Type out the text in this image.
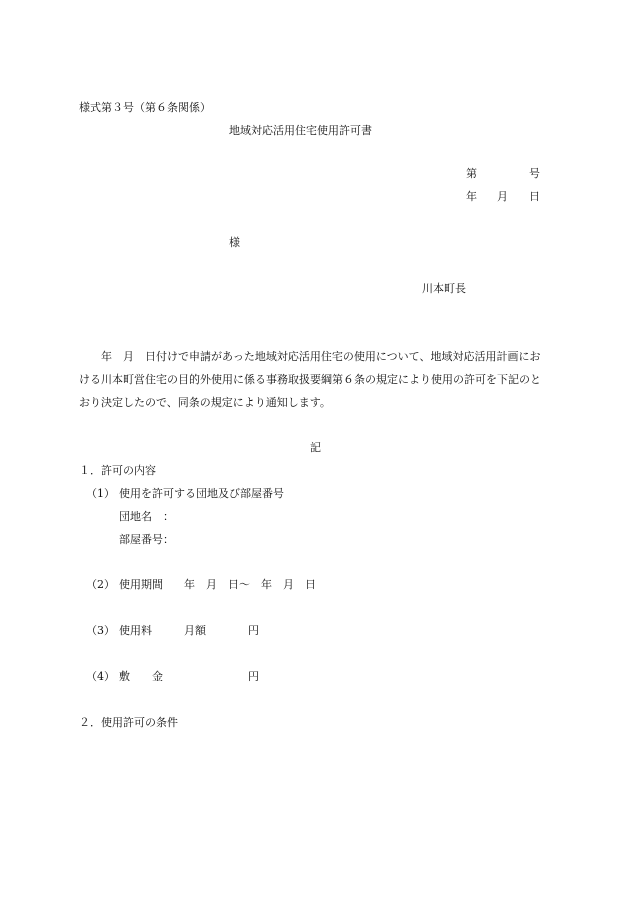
様式第３号（第６条関係）
地域対応活用住宅使用許可書
第	号
年 月 日
様
川本町長
年　月　日付けで申請があった地域対応活用住宅の使用について、地域対応活用計画における川本町営住宅の目的外使用に係る事務取扱要綱第６条の規定により使用の許可を下記のとおり決定したので、同条の規定により通知します。
記
１．許可の内容
（1） 使用を許可する団地及び部屋番号
団地名　：
部屋番号：
（2） 使用期間 年　月　日〜　年　月　日
（3） 使用料	月額	円
（4） 敷　　金	円
２．使用許可の条件
